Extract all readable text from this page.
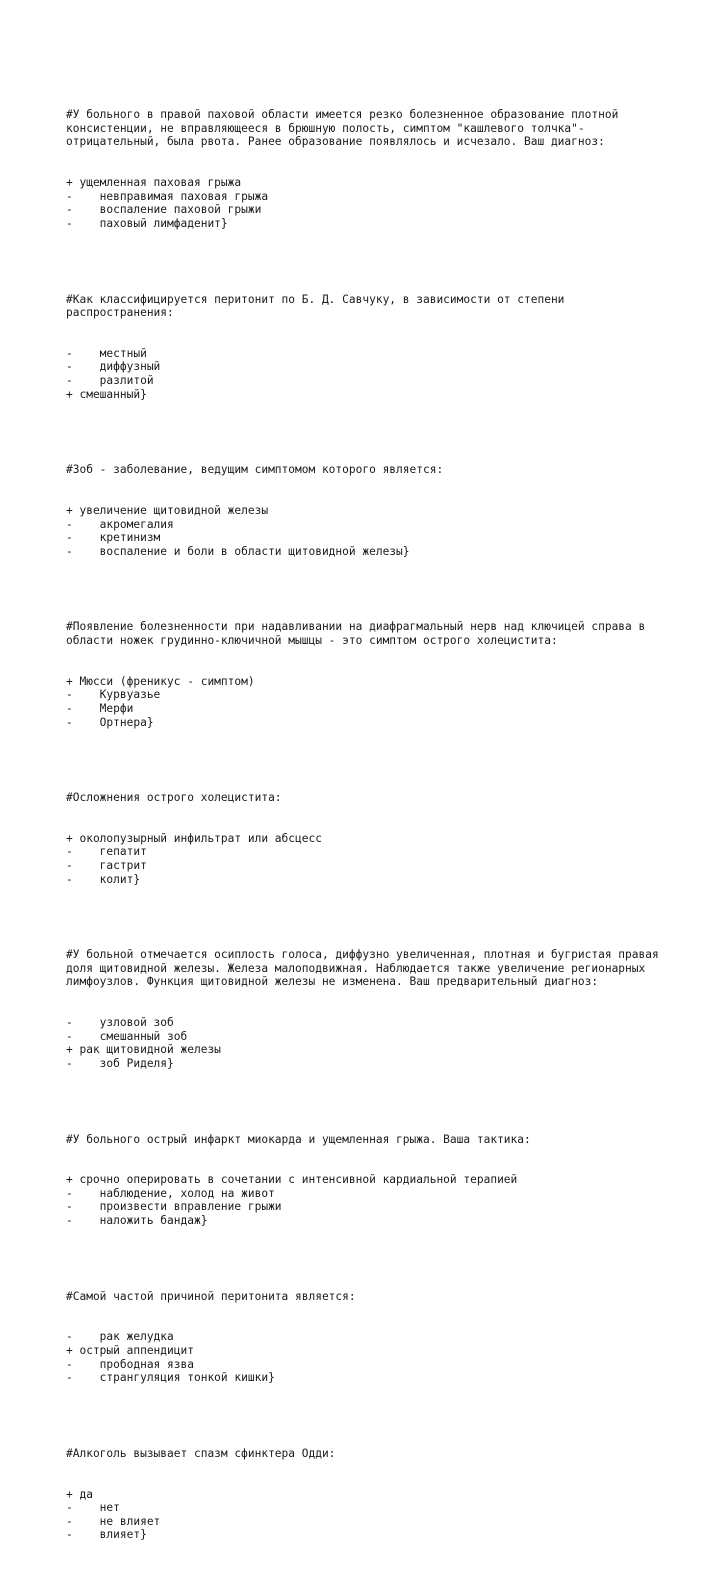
#У больного в правой паховой области имеется резко болезненное образование плотной консистенции, не вправляющееся в брюшную полость, симптом "кашлевого толчка"- отрицательный, была рвота. Ранее образование появлялось и исчезало. Ваш диагноз:

+ ущемленная паховая грыжа
-    невправимая паховая грыжа
-    воспаление паховой грыжи
-    паховый лимфаденит}

#Как классифицируется перитонит по Б. Д. Савчуку, в зависимости от степени распространения:

-    местный
-    диффузный
-    разлитой
+ смешанный}

#Зоб - заболевание, ведущим симптомом которого является:

+ увеличение щитовидной железы
-    акромегалия
-    кретинизм
-    воспаление и боли в области щитовидной железы}

#Появление болезненности при надавливании на диафрагмальный нерв над ключицей справа в области ножек грудинно-ключичной мышцы - это симптом острого холецистита:

+ Мюсси (френикус - симптом)
-    Курвуазье
-    Мерфи
-    Ортнера}

#Осложнения острого холецистита:

+ околопузырный инфильтрат или абсцесс
-    гепатит
-    гастрит
-    колит}

#У больной отмечается осиплость голоса, диффузно увеличенная, плотная и бугристая правая доля щитовидной железы. Железа малоподвижная. Наблюдается также увеличение регионарных лимфоузлов. Функция щитовидной железы не изменена. Ваш предварительный диагноз:

-    узловой зоб
-    смешанный зоб
+ рак щитовидной железы
-    зоб Риделя}

#У больного острый инфаркт миокарда и ущемленная грыжа. Ваша тактика:

+ срочно оперировать в сочетании с интенсивной кардиальной терапией
-    наблюдение, холод на живот
-    произвести вправление грыжи
-    наложить бандаж}

#Самой частой причиной перитонита является:

-    рак желудка
+ острый аппендицит
-    прободная язва
-    странгуляция тонкой кишки}

#Алкоголь вызывает спазм сфинктера Одди:

+ да
-    нет
-    не влияет
-    влияет}
